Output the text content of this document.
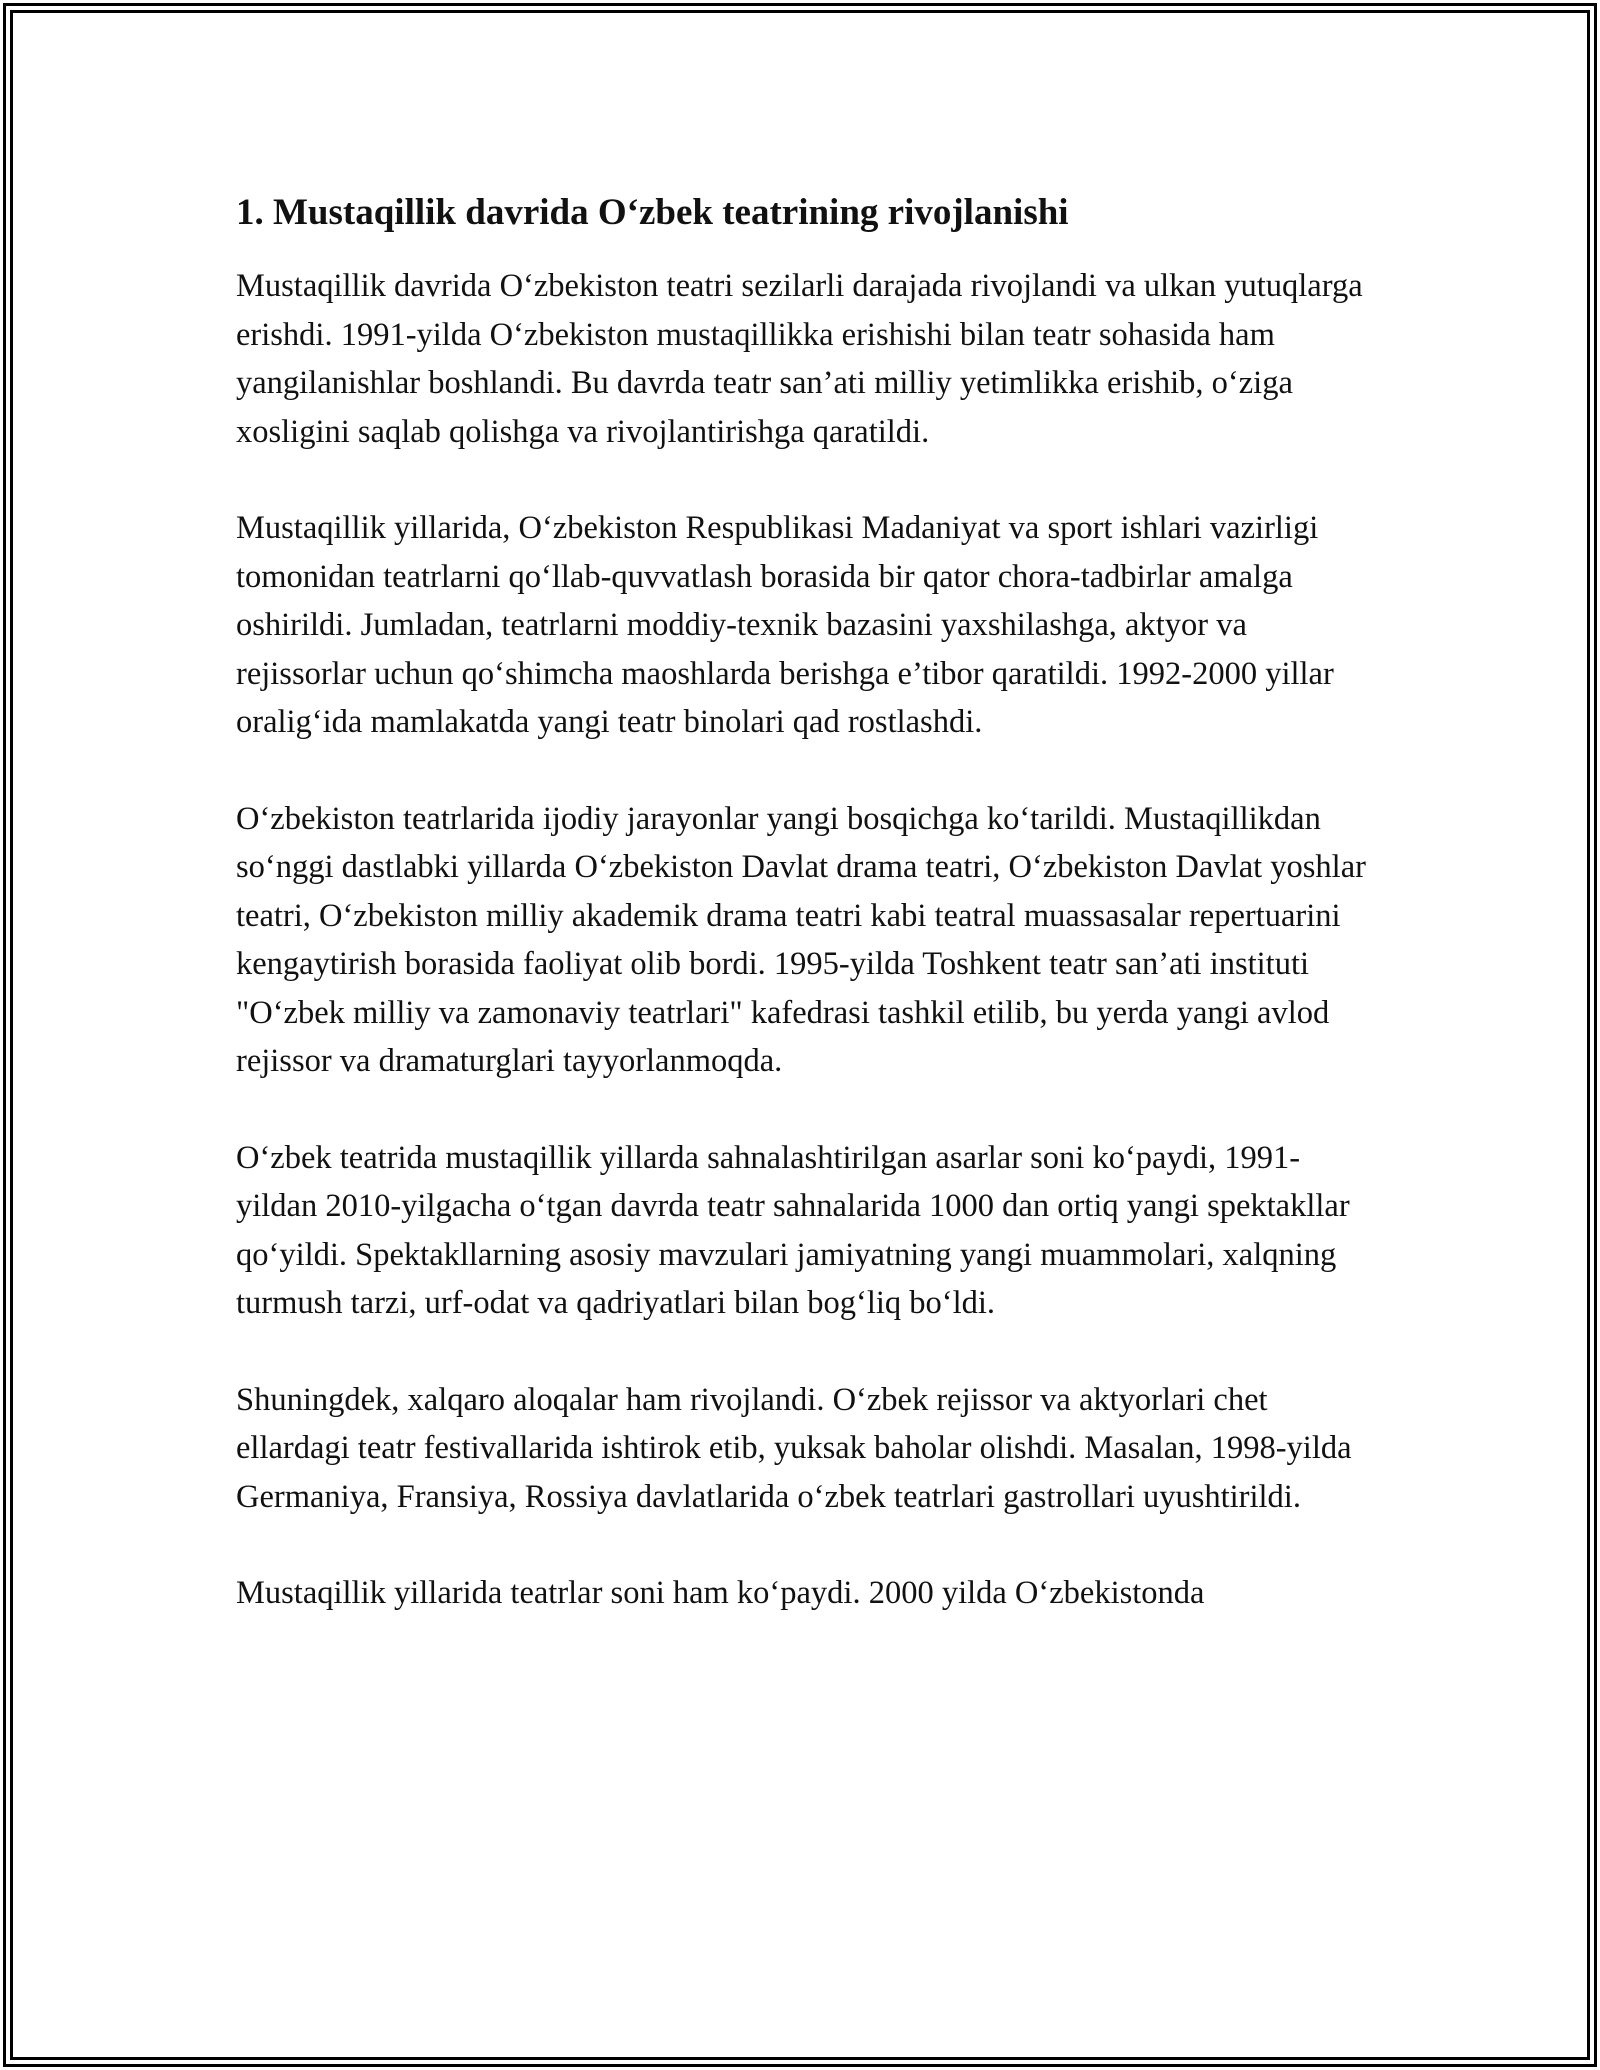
1. Mustaqillik davrida O‘zbek teatrining rivojlanishi

Mustaqillik davrida O‘zbekiston teatri sezilarli darajada rivojlandi va ulkan yutuqlarga erishdi. 1991-yilda O‘zbekiston mustaqillikka erishishi bilan teatr sohasida ham yangilanishlar boshlandi. Bu davrda teatr san’ati milliy yetimlikka erishib, o‘ziga xosligini saqlab qolishga va rivojlantirishga qaratildi.

Mustaqillik yillarida, O‘zbekiston Respublikasi Madaniyat va sport ishlari vazirligi tomonidan teatrlarni qo‘llab-quvvatlash borasida bir qator chora-tadbirlar amalga oshirildi. Jumladan, teatrlarni moddiy-texnik bazasini yaxshilashga, aktyor va rejissorlar uchun qo‘shimcha maoshlarda berishga e’tibor qaratildi. 1992-2000 yillar oralig‘ida mamlakatda yangi teatr binolari qad rostlashdi.

O‘zbekiston teatrlarida ijodiy jarayonlar yangi bosqichga ko‘tarildi. Mustaqillikdan so‘nggi dastlabki yillarda O‘zbekiston Davlat drama teatri, O‘zbekiston Davlat yoshlar teatri, O‘zbekiston milliy akademik drama teatri kabi teatral muassasalar repertuarini kengaytirish borasida faoliyat olib bordi. 1995-yilda Toshkent teatr san’ati instituti "O‘zbek milliy va zamonaviy teatrlari" kafedrasi tashkil etilib, bu yerda yangi avlod rejissor va dramaturglari tayyorlanmoqda.

O‘zbek teatrida mustaqillik yillarda sahnalashtirilgan asarlar soni ko‘paydi, 1991-yildan 2010-yilgacha o‘tgan davrda teatr sahnalarida 1000 dan ortiq yangi spektakllar qo‘yildi. Spektakllarning asosiy mavzulari jamiyatning yangi muammolari, xalqning turmush tarzi, urf-odat va qadriyatlari bilan bog‘liq bo‘ldi.

Shuningdek, xalqaro aloqalar ham rivojlandi. O‘zbek rejissor va aktyorlari chet ellardagi teatr festivallarida ishtirok etib, yuksak baholar olishdi. Masalan, 1998-yilda Germaniya, Fransiya, Rossiya davlatlarida o‘zbek teatrlari gastrollari uyushtirildi.

Mustaqillik yillarida teatrlar soni ham ko‘paydi. 2000 yilda O‘zbekistonda
